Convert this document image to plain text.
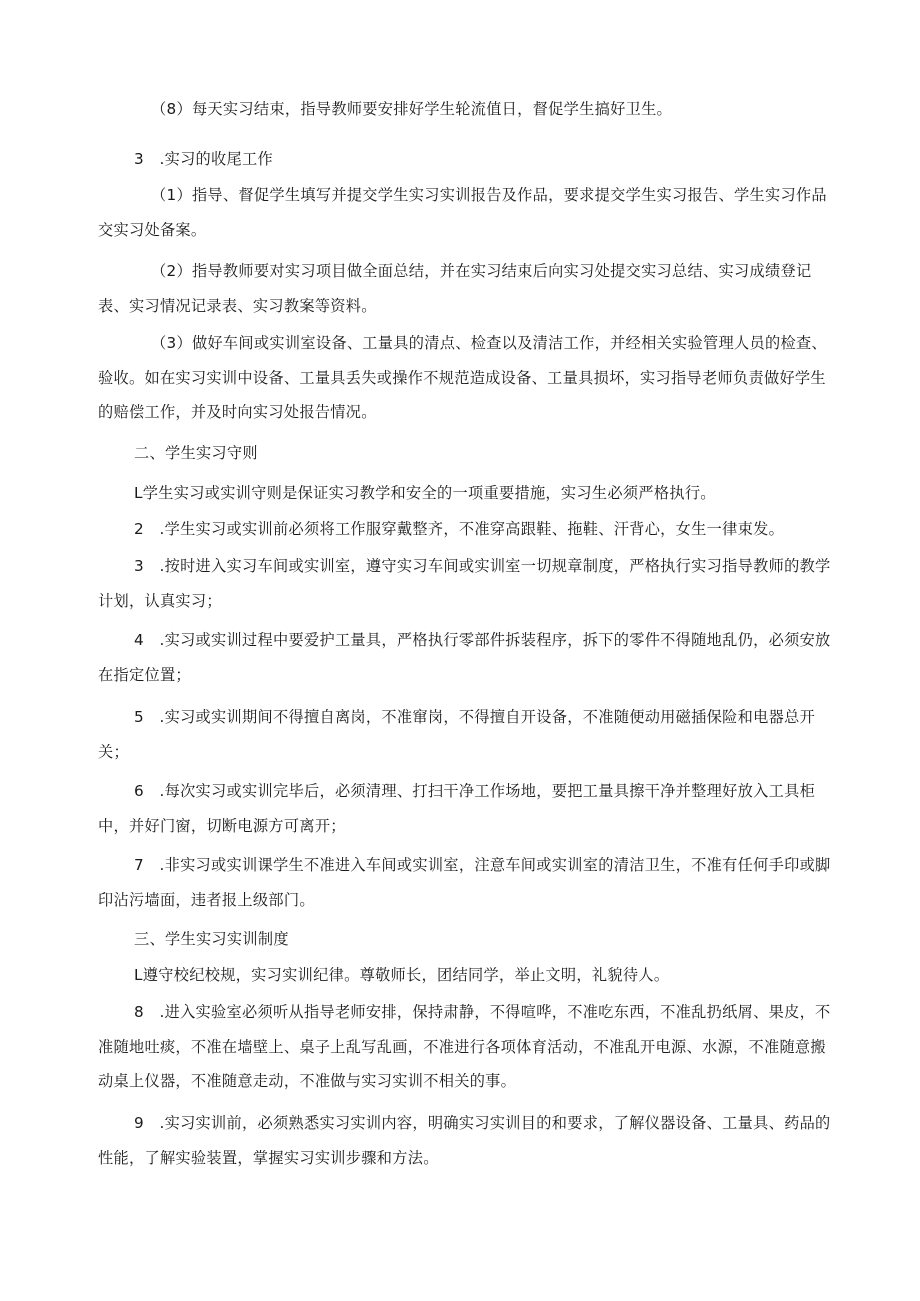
（8）每天实习结束，指导教师要安排好学生轮流值日，督促学生搞好卫生。

3　.实习的收尾工作

（1）指导、督促学生填写并提交学生实习实训报告及作品，要求提交学生实习报告、学生实习作品交实习处备案。

（2）指导教师要对实习项目做全面总结，并在实习结束后向实习处提交实习总结、实习成绩登记表、实习情况记录表、实习教案等资料。

（3）做好车间或实训室设备、工量具的清点、检查以及清洁工作，并经相关实验管理人员的检查、验收。如在实习实训中设备、工量具丢失或操作不规范造成设备、工量具损坏，实习指导老师负责做好学生的赔偿工作，并及时向实习处报告情况。

二、学生实习守则

L学生实习或实训守则是保证实习教学和安全的一项重要措施，实习生必须严格执行。

2　.学生实习或实训前必须将工作服穿戴整齐，不准穿高跟鞋、拖鞋、汗背心，女生一律束发。

3　.按时进入实习车间或实训室，遵守实习车间或实训室一切规章制度，严格执行实习指导教师的教学计划，认真实习；

4　.实习或实训过程中要爱护工量具，严格执行零部件拆装程序，拆下的零件不得随地乱仍，必须安放在指定位置；

5　.实习或实训期间不得擅自离岗，不准窜岗，不得擅自开设备，不准随便动用磁插保险和电器总开关；

6　.每次实习或实训完毕后，必须清理、打扫干净工作场地，要把工量具擦干净并整理好放入工具柜中，并好门窗，切断电源方可离开；

7　.非实习或实训课学生不准进入车间或实训室，注意车间或实训室的清洁卫生，不准有任何手印或脚印沾污墙面，违者报上级部门。

三、学生实习实训制度

L遵守校纪校规，实习实训纪律。尊敬师长，团结同学，举止文明，礼貌待人。

8　.进入实验室必须听从指导老师安排，保持肃静，不得喧哗，不准吃东西，不准乱扔纸屑、果皮，不准随地吐痰，不准在墙壁上、桌子上乱写乱画，不准进行各项体育活动，不准乱开电源、水源，不准随意搬动桌上仪器，不准随意走动，不准做与实习实训不相关的事。

9　.实习实训前，必须熟悉实习实训内容，明确实习实训目的和要求，了解仪器设备、工量具、药品的性能，了解实验装置，掌握实习实训步骤和方法。
